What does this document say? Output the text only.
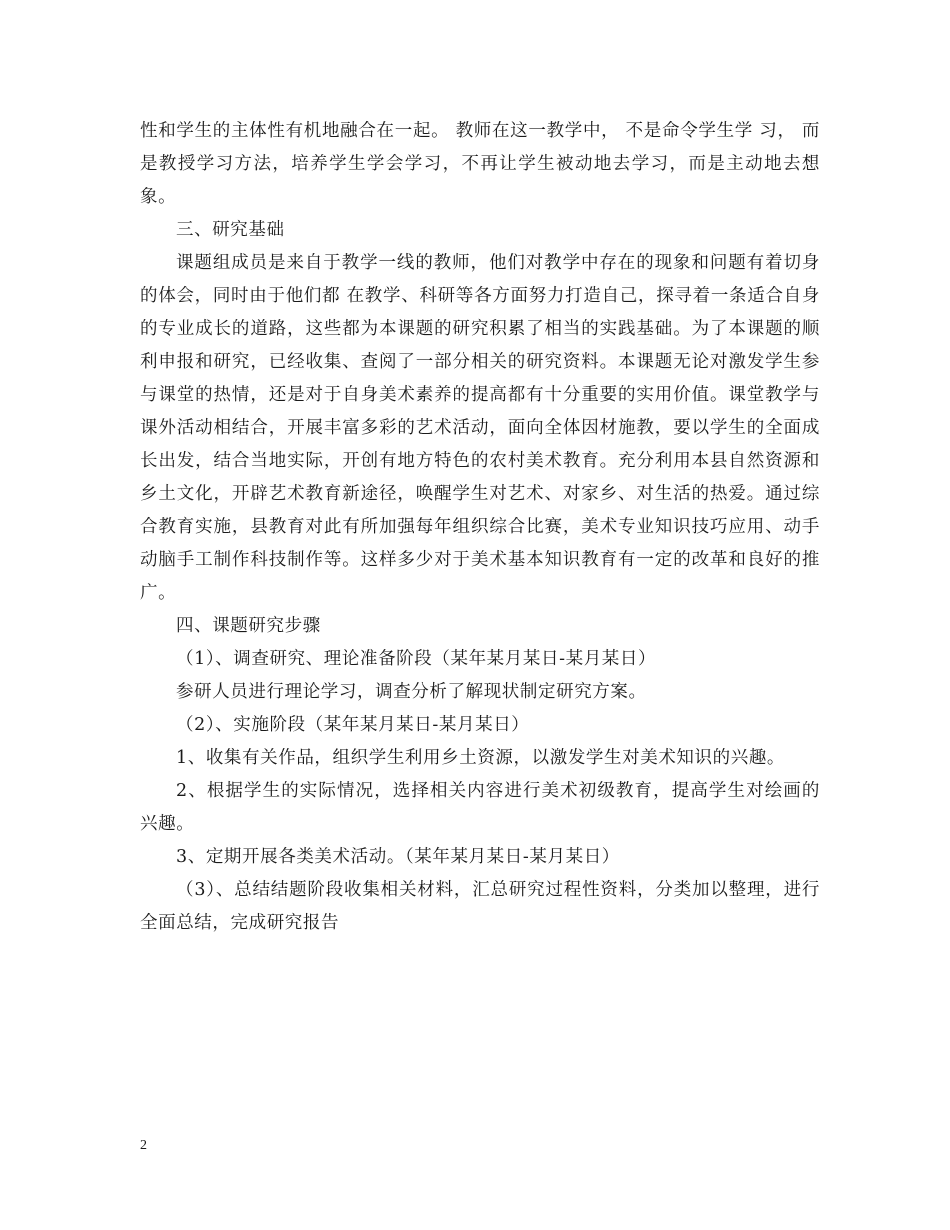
性和学生的主体性有机地融合在一起。 教师在这一教学中， 不是命令学生学 习， 而是教授学习方法，培养学生学会学习，不再让学生被动地去学习，而是主动地去想象。

三、研究基础

课题组成员是来自于教学一线的教师，他们对教学中存在的现象和问题有着切身的体会，同时由于他们都 在教学、科研等各方面努力打造自己，探寻着一条适合自身的专业成长的道路，这些都为本课题的研究积累了相当的实践基础。为了本课题的顺利申报和研究，已经收集、查阅了一部分相关的研究资料。本课题无论对激发学生参与课堂的热情，还是对于自身美术素养的提高都有十分重要的实用价值。课堂教学与课外活动相结合，开展丰富多彩的艺术活动，面向全体因材施教，要以学生的全面成长出发，结合当地实际，开创有地方特色的农村美术教育。充分利用本县自然资源和乡土文化，开辟艺术教育新途径，唤醒学生对艺术、对家乡、对生活的热爱。通过综合教育实施，县教育对此有所加强每年组织综合比赛，美术专业知识技巧应用、动手动脑手工制作科技制作等。这样多少对于美术基本知识教育有一定的改革和良好的推广。

四、课题研究步骤

（1）、调查研究、理论准备阶段（某年某月某日-某月某日）

参研人员进行理论学习，调查分析了解现状制定研究方案。

（2）、实施阶段（某年某月某日-某月某日）

1、收集有关作品，组织学生利用乡土资源，以激发学生对美术知识的兴趣。

2、根据学生的实际情况，选择相关内容进行美术初级教育，提高学生对绘画的兴趣。

3、定期开展各类美术活动。（某年某月某日-某月某日）

（3）、总结结题阶段收集相关材料，汇总研究过程性资料，分类加以整理，进行全面总结，完成研究报告

2
